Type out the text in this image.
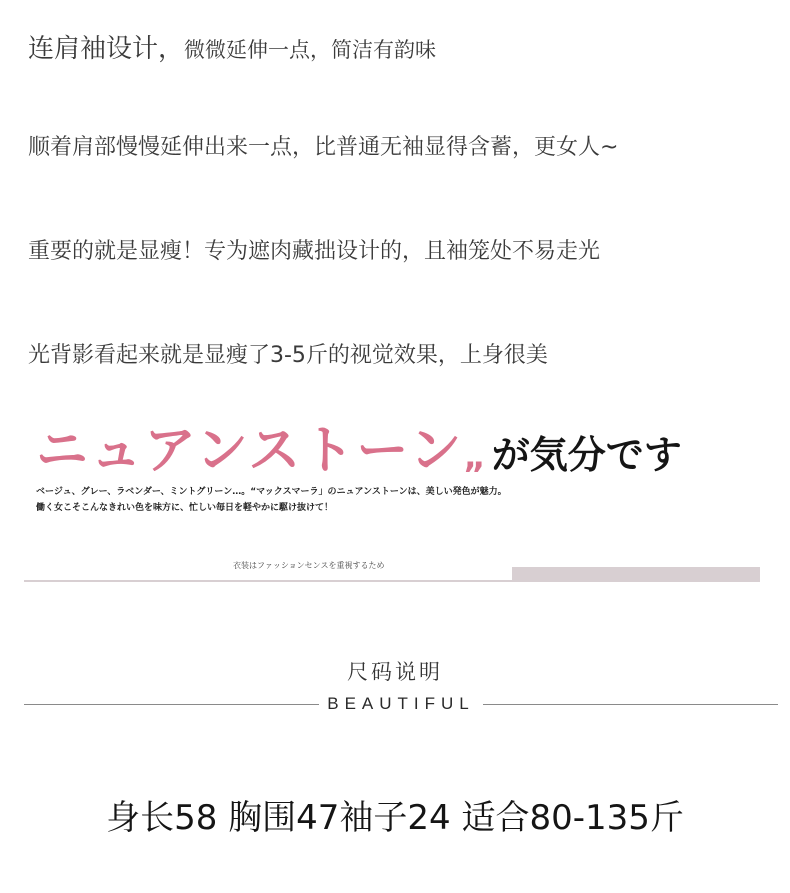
连肩袖设计，微微延伸一点，简洁有韵味
顺着肩部慢慢延伸出来一点，比普通无袖显得含蓄，更女人~
重要的就是显瘦！专为遮肉藏拙设计的，且袖笼处不易走光
光背影看起来就是显瘦了3-5斤的视觉效果，上身很美
ニュアンストーン„ が気分です
ベージュ、グレー、ラベンダー、ミントグリーン…。“マックスマーラ」のニュアンストーンは、美しい発色が魅力。
働く女こそこんなきれい色を味方に、忙しい毎日を軽やかに駆け抜けて！
衣装はファッションセンスを重視するため
尺码说明
BEAUTIFUL
身长58 胸围47袖子24 适合80-135斤
